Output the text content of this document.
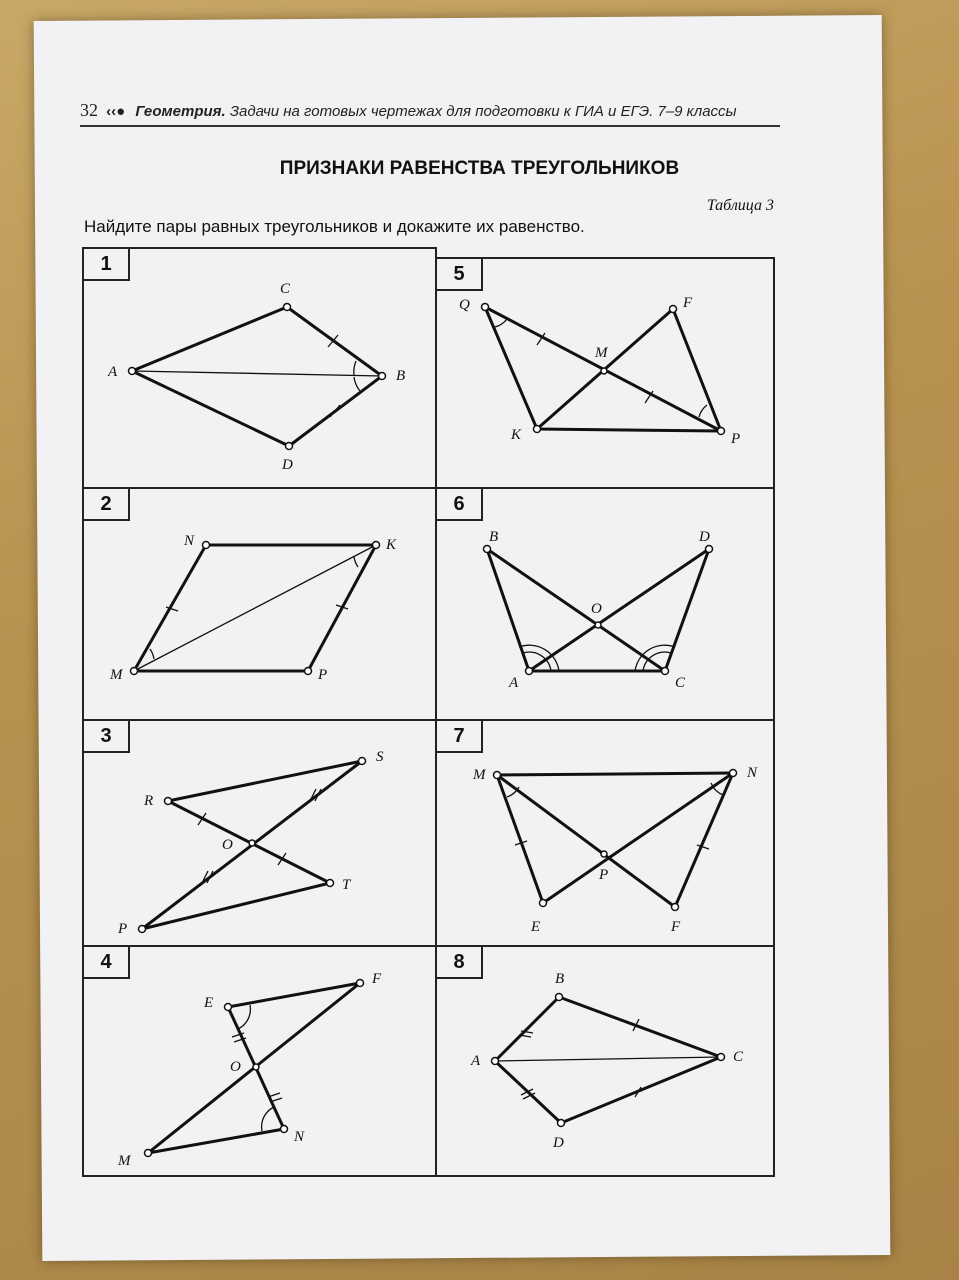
32 ‹‹● Геометрия. Задачи на готовых чертежах для подготовки к ГИА и ЕГЭ. 7–9 классы
ПРИЗНАКИ РАВЕНСТВА ТРЕУГОЛЬНИКОВ
Таблица 3
Найдите пары равных треугольников и докажите их равенство.
1
A	B
C
D
5
Q	F
M
K	P
2
N	K
M	P
6
B	D
O
A	C
3
S
R
O
T
P
7
M	N
P
E	F
4
E
F
O
N
M
8
B
A	C
D
